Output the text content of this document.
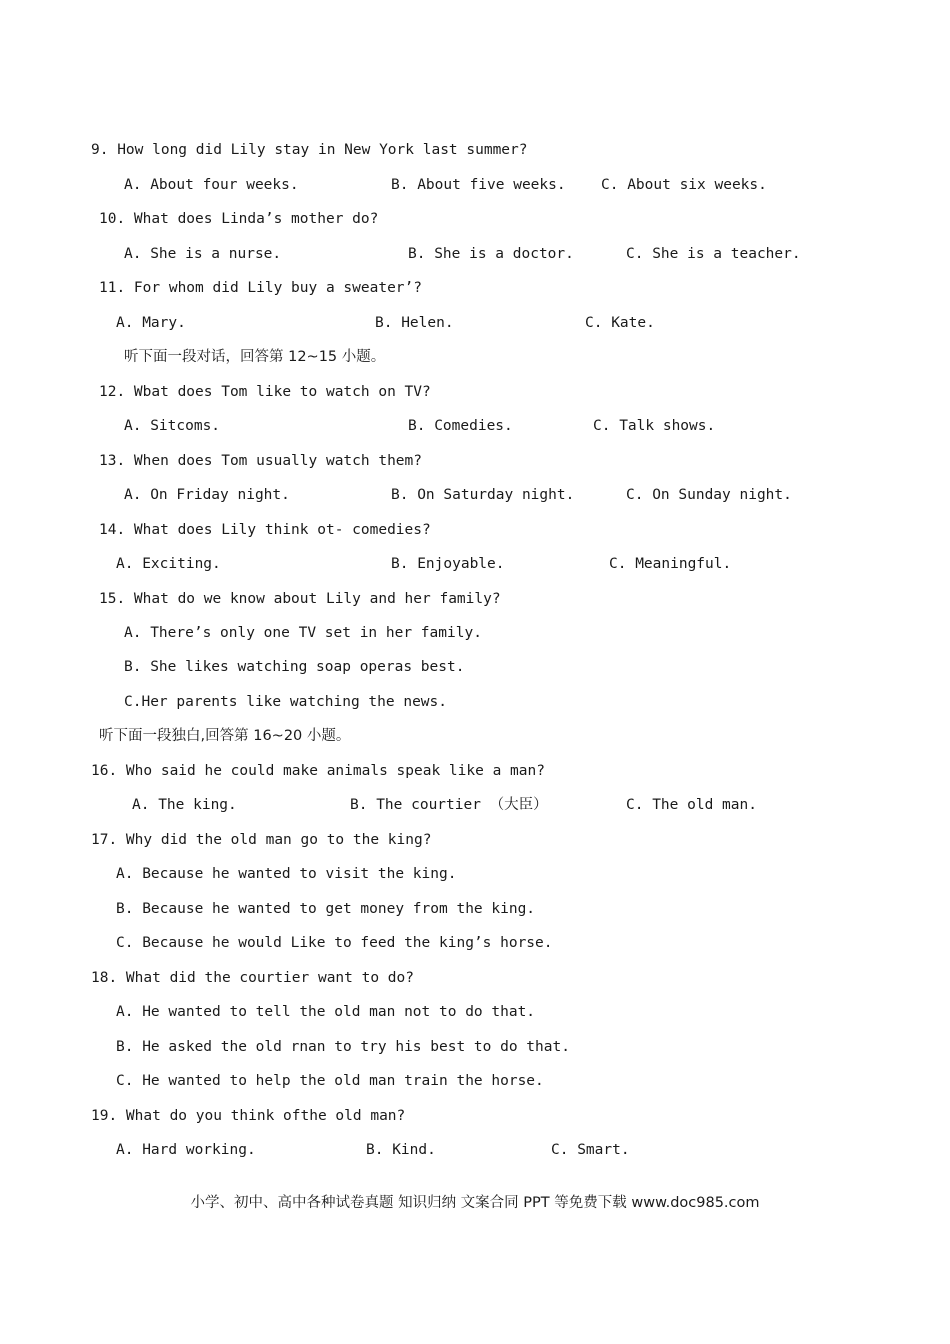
9. How long did Lily stay in New York last summer?
A. About four weeks.	B. About five weeks. C. About six weeks.
10. What does Linda’s mother do?
A. She is a nurse.	B. She is a doctor.	C. She is a teacher.
11. For whom did Lily buy a sweater’?
A. Mary.	B. Helen.	C. Kate.
听下面一段对话，回答第 12~15 小题。
12. Wbat does Tom like to watch on TV?
A. Sitcoms.	B. Comedies.	C. Talk shows.
13. When does Tom usually watch them?
A. On Friday night.	B. On Saturday night.	C. On Sunday night.
14. What does Lily think ot- comedies?
A. Exciting.	B. Enjoyable.	C. Meaningful.
15. What do we know about Lily and her family?
A. There’s only one TV set in her family.
B. She likes watching soap operas best.
C.Her parents like watching the news.
听下面一段独白,回答第 16~20 小题。
16. Who said he could make animals speak like a man?
A. The king.	B. The courtier （大臣）	C. The old man.
17. Why did the old man go to the king?
A. Because he wanted to visit the king.
B. Because he wanted to get money from the king.
C. Because he would Like to feed the king’s horse.
18. What did the courtier want to do?
A. He wanted to tell the old man not to do that.
B. He asked the old rnan to try his best to do that.
C. He wanted to help the old man train the horse.
19. What do you think ofthe old man?
A. Hard working.	B. Kind.	C. Smart.
小学、初中、高中各种试卷真题 知识归纳 文案合同 PPT 等免费下载 www.doc985.com
